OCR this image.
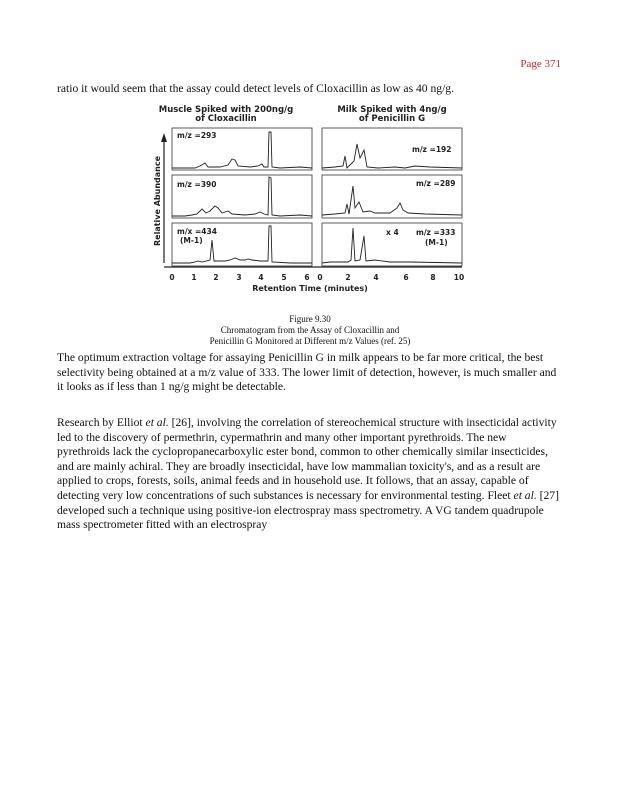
Page 371

ratio it would seem that the assay could detect levels of Cloxacillin as low as 40 ng/g.

Muscle Spiked with 200ng/g
of Cloxacillin
Milk Spiked with 4ng/g
of Penicillin G
Relative Abundance
m/z =293
m/z =390
m/x =434
(M-1)
m/z =192
m/z =289
x 4 m/z =333
(M-1)
0 1 2 3 4 5 6 0	2	4	6	8 10
Retention Time (minutes)
Figure 9.30
Chromatogram from the Assay of Cloxacillin and
Penicillin G Monitored at Different m/z Values (ref. 25)

The optimum extraction voltage for assaying Penicillin G in milk appears to be far more critical, the best selectivity being obtained at a m/z value of 333. The lower limit of detection, however, is much smaller and it looks as if less than 1 ng/g might be detectable.

Research by Elliot et al. [26], involving the correlation of stereochemical structure with insecticidal activity led to the discovery of permethrin, cypermathrin and many other important pyrethroids. The new pyrethroids lack the cyclopropanecarboxylic ester bond, common to other chemically similar insecticides, and are mainly achiral. They are broadly insecticidal, have low mammalian toxicity's, and as a result are applied to crops, forests, soils, animal feeds and in household use. It follows, that an assay, capable of detecting very low concentrations of such substances is necessary for environmental testing. Fleet et al. [27] developed such a technique using positive-ion electrospray mass spectrometry. A VG tandem quadrupole mass spectrometer fitted with an electrospray
